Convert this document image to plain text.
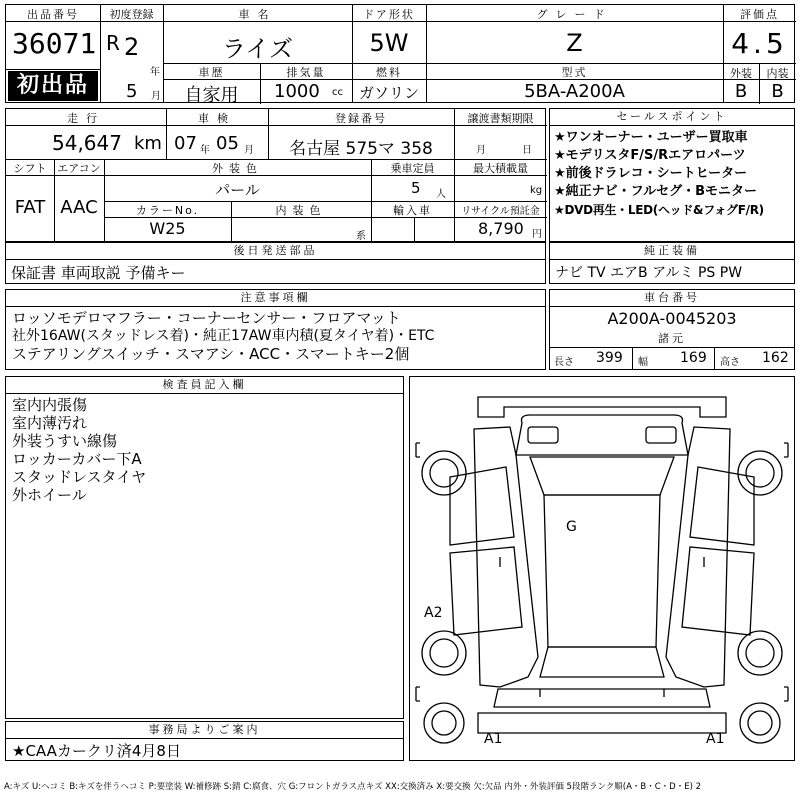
出品番号
36071
初出品
初度登録
R 2
年
5 月
車名
ライズ
ドア形状
5W
グレード
Z
評価点
4.5
外装	内装
B	B
車歴
自家用
排気量
1000 cc
燃料
ガソリン
型式
5BA-A200A
走行
54,647 km
車検
07 年 05 月
登録番号
名古屋 575マ 358
譲渡書類期限
月	日
シフト
FAT
エアコン
AAC
外装色
パール
乗車定員
5 人
最大積載量
kg
カラーNo.
W25
内装色
系
輸入車	リサイクル預託金
8,790 円
セールスポイント
★ワンオーナー・ユーザー買取車
★モデリスタF/S/Rエアロパーツ
★前後ドラレコ・シートヒーター
★純正ナビ・フルセグ・Bモニター
★DVD再生・LED(ヘッド&フォグF/R)
後日発送部品
保証書 車両取説 予備キー
純正装備
ナビ TV エアB アルミ PS PW
注意事項欄
ロッソモデロマフラー・コーナーセンサー・フロアマット
社外16AW(スタッドレス着)・純正17AW車内積(夏タイヤ着)・ETC
ステアリングスイッチ・スマアシ・ACC・スマートキー2個
車台番号
A200A-0045203
諸元
長さ 399 幅 169 高さ 162
検査員記入欄
室内内張傷
室内薄汚れ
外装うすい線傷
ロッカーカバー下A
スタッドレスタイヤ
外ホイール
事務局よりご案内
★CAAカークリ済4月8日
G
A2
A1	A1
A:キズ U:ヘコミ B:キズを伴うヘコミ P:要塗装 W:補修跡 S:錆 C:腐食、穴 G:フロントガラス点キズ XX:交換済み X:要交換 欠:欠品 内外・外装評価 5段階ランク順(A・B・C・D・E) 2
